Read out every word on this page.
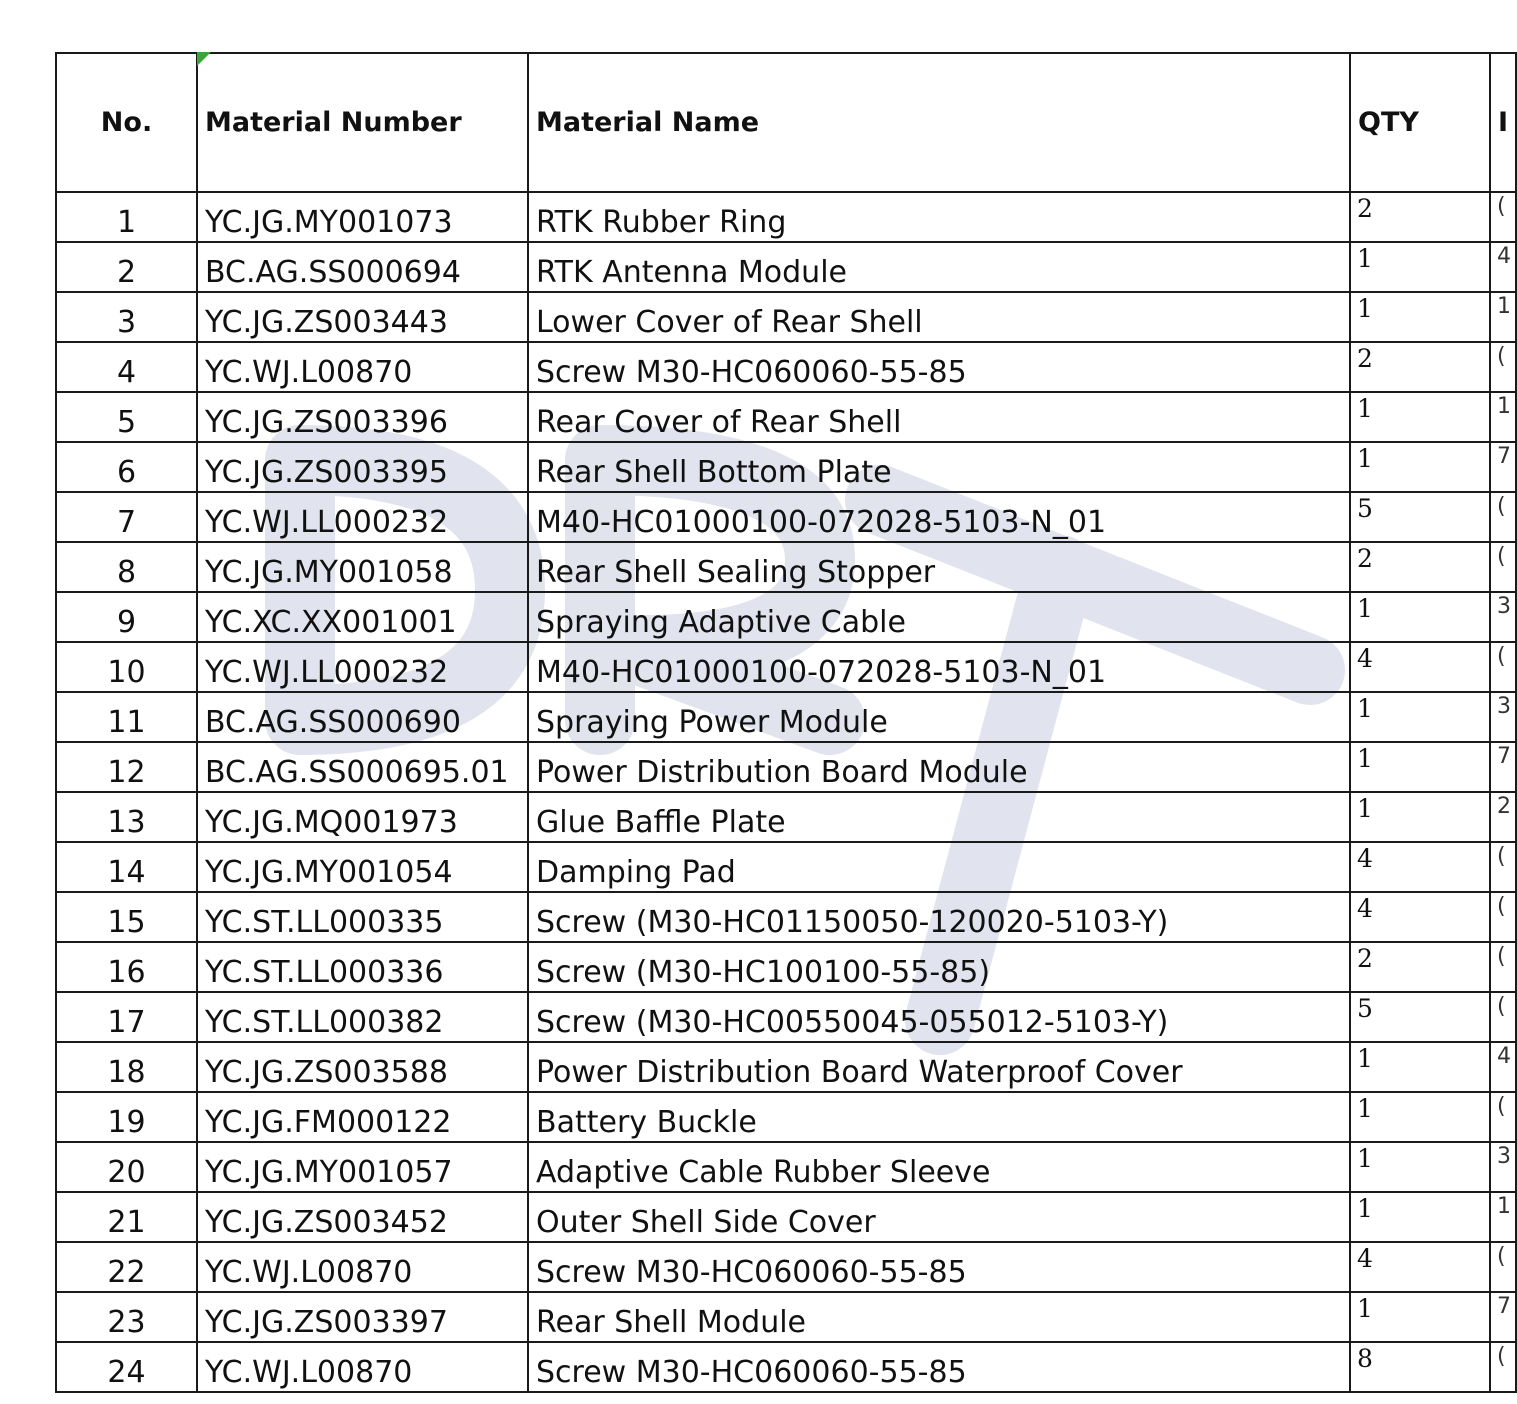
No.	Material Number	Material Name	QTY	I
1	YC.JG.MY001073	RTK Rubber Ring	2	(
2	BC.AG.SS000694	RTK Antenna Module	1	4
3	YC.JG.ZS003443	Lower Cover of Rear Shell	1	1
4	YC.WJ.L00870	Screw M30-HC060060-55-85	2	(
5	YC.JG.ZS003396	Rear Cover of Rear Shell	1	1
6	YC.JG.ZS003395	Rear Shell Bottom Plate	1	7
7	YC.WJ.LL000232	M40-HC01000100-072028-5103-N_01	5	(
8	YC.JG.MY001058	Rear Shell Sealing Stopper	2	(
9	YC.XC.XX001001	Spraying Adaptive Cable	1	3
10	YC.WJ.LL000232	M40-HC01000100-072028-5103-N_01	4	(
11	BC.AG.SS000690	Spraying Power Module	1	3
12	BC.AG.SS000695.01	Power Distribution Board Module	1	7
13	YC.JG.MQ001973	Glue Baffle Plate	1	2
14	YC.JG.MY001054	Damping Pad	4	(
15	YC.ST.LL000335	Screw (M30-HC01150050-120020-5103-Y)	4	(
16	YC.ST.LL000336	Screw (M30-HC100100-55-85)	2	(
17	YC.ST.LL000382	Screw (M30-HC00550045-055012-5103-Y)	5	(
18	YC.JG.ZS003588	Power Distribution Board Waterproof Cover	1	4
19	YC.JG.FM000122	Battery Buckle	1	(
20	YC.JG.MY001057	Adaptive Cable Rubber Sleeve	1	3
21	YC.JG.ZS003452	Outer Shell Side Cover	1	1
22	YC.WJ.L00870	Screw M30-HC060060-55-85	4	(
23	YC.JG.ZS003397	Rear Shell Module	1	7
24	YC.WJ.L00870	Screw M30-HC060060-55-85	8	(
